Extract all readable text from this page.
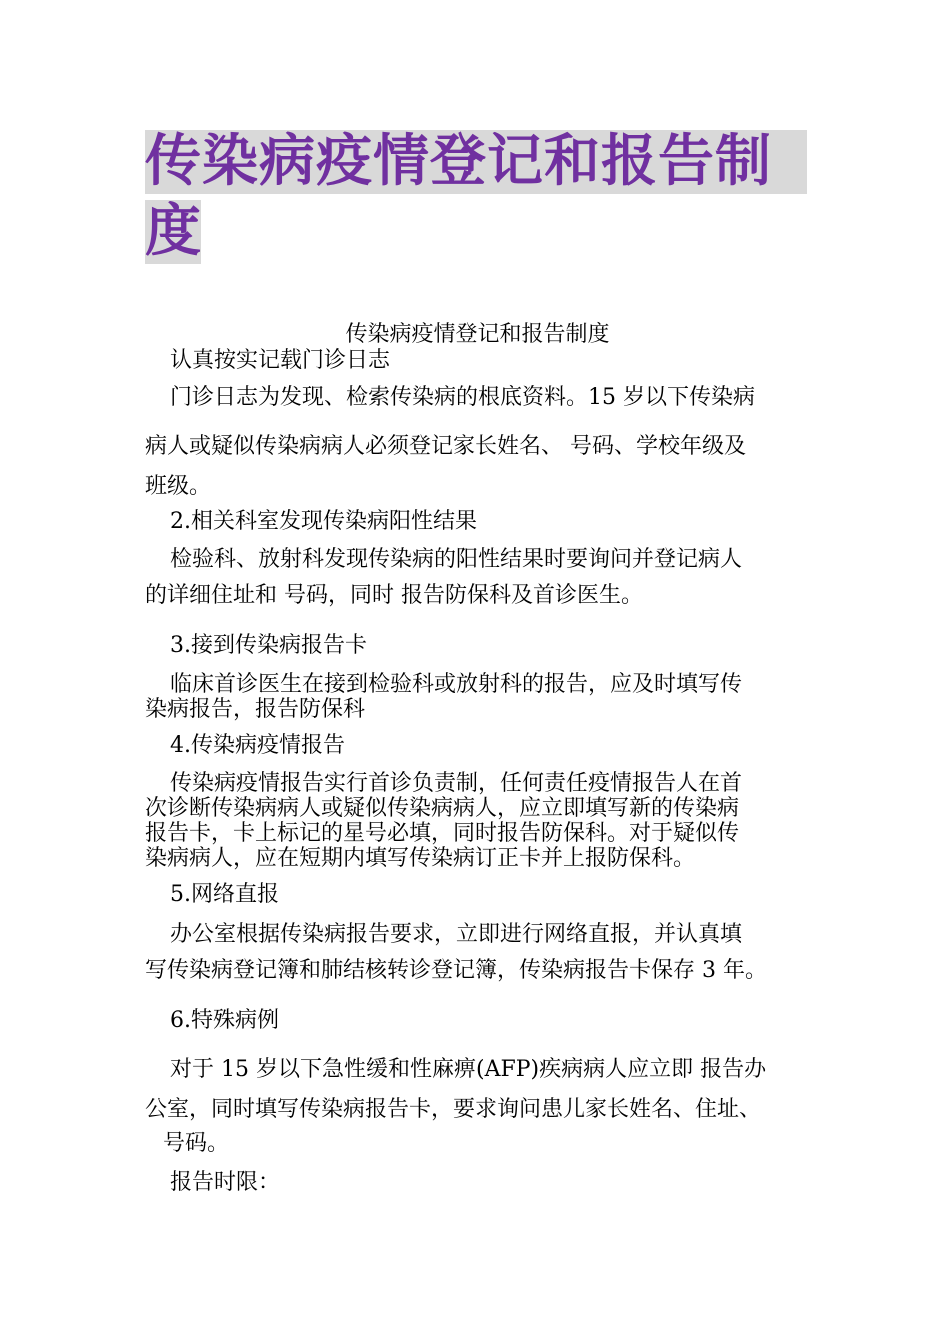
传染病疫情登记和报告制
度
传染病疫情登记和报告制度
认真按实记载门诊日志
门诊日志为发现、检索传染病的根底资料。15 岁以下传染病
病人或疑似传染病病人必须登记家长姓名、 号码、学校年级及
班级。
2.相关科室发现传染病阳性结果
检验科、放射科发现传染病的阳性结果时要询问并登记病人
的详细住址和 号码，同时 报告防保科及首诊医生。
3.接到传染病报告卡
临床首诊医生在接到检验科或放射科的报告，应及时填写传
染病报告，报告防保科
4.传染病疫情报告
传染病疫情报告实行首诊负责制，任何责任疫情报告人在首
次诊断传染病病人或疑似传染病病人，应立即填写新的传染病
报告卡，卡上标记的星号必填，同时报告防保科。对于疑似传
染病病人，应在短期内填写传染病订正卡并上报防保科。
5.网络直报
办公室根据传染病报告要求，立即进行网络直报，并认真填
写传染病登记簿和肺结核转诊登记簿，传染病报告卡保存 3 年。
6.特殊病例
对于 15 岁以下急性缓和性麻痹(AFP)疾病病人应立即 报告办
公室，同时填写传染病报告卡，要求询问患儿家长姓名、住址、
号码。
报告时限：
